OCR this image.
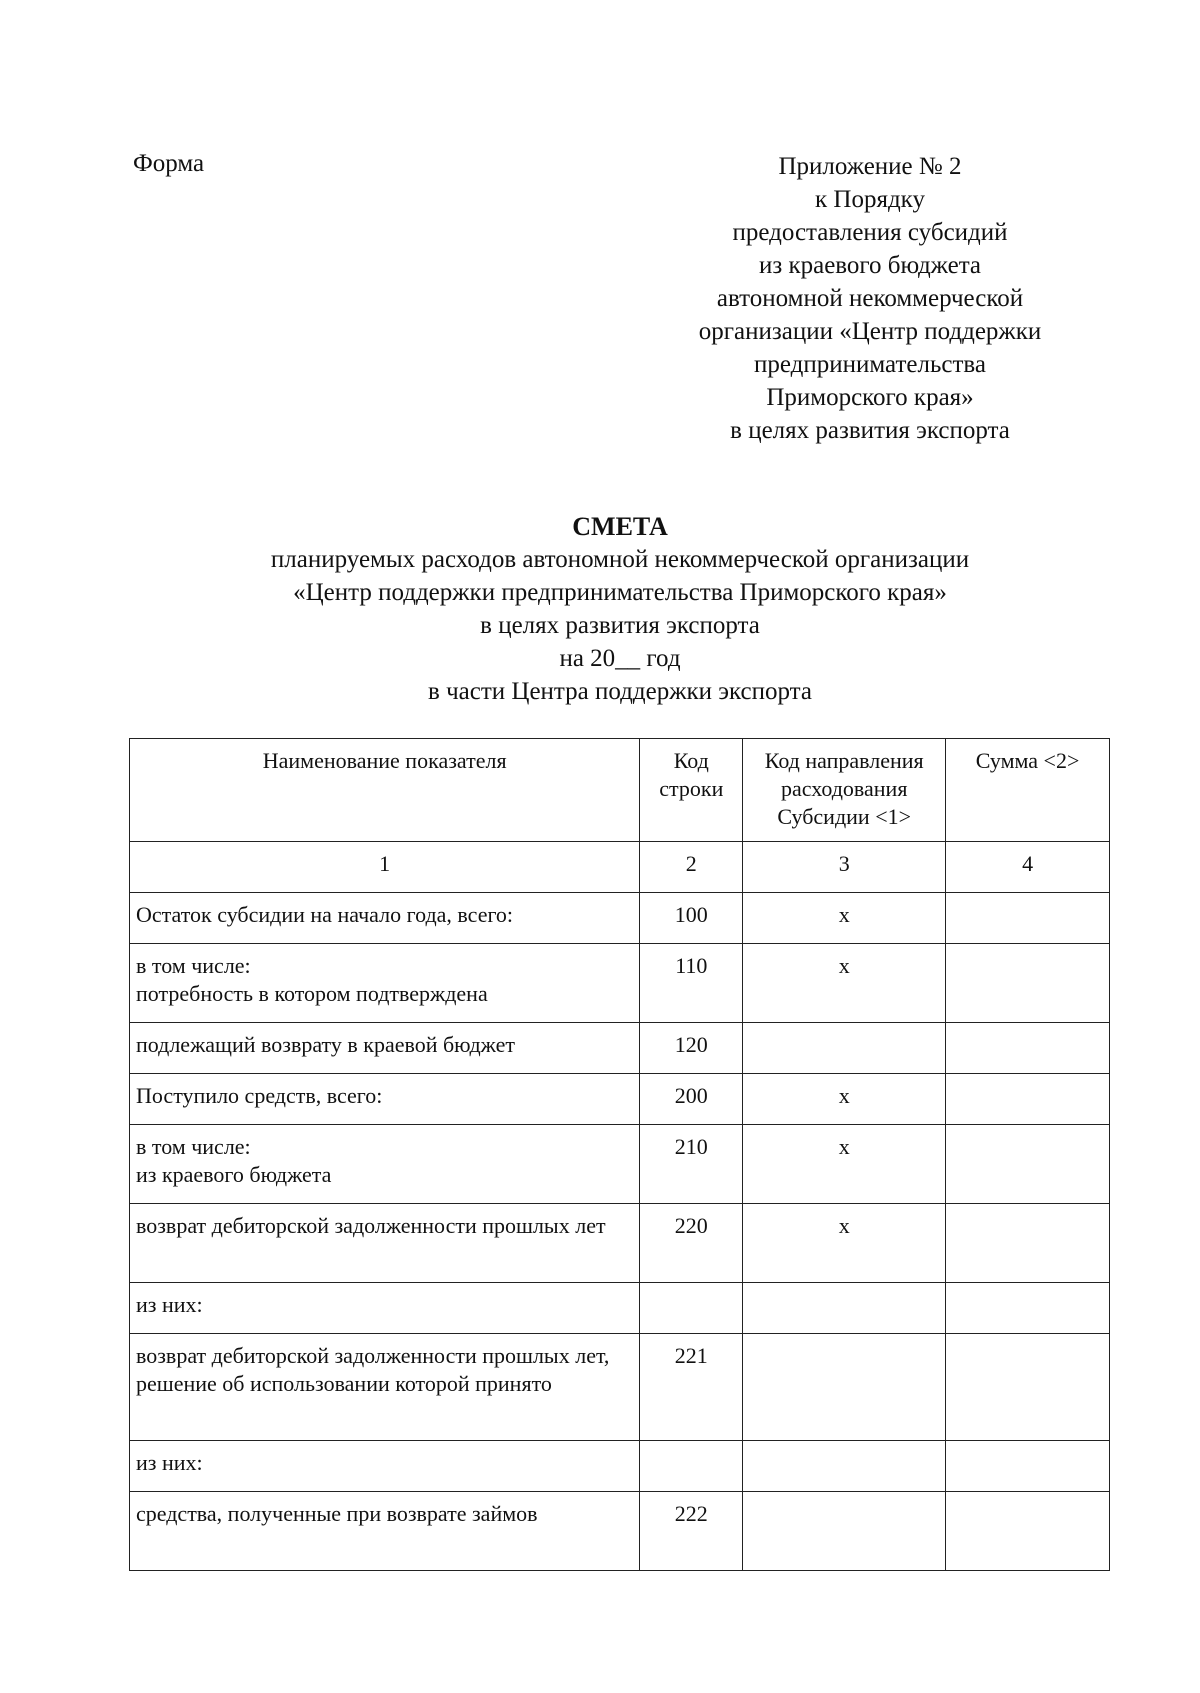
Форма	Приложение № 2
к Порядку
предоставления субсидий
из краевого бюджета
автономной некоммерческой
организации «Центр поддержки
предпринимательства
Приморского края»
в целях развития экспорта
СМЕТА
планируемых расходов автономной некоммерческой организации
«Центр поддержки предпринимательства Приморского края»
в целях развития экспорта
на 20__ год
в части Центра поддержки экспорта
Наименование показателя	Код строки	Код направления расходования Субсидии <1>	Сумма <2>
1	2	3	4
Остаток субсидии на начало года, всего:	100	х	
в том числе:
потребность в котором подтверждена	110	х	
подлежащий возврату в краевой бюджет	120		
Поступило средств, всего:	200	х	
в том числе:
из краевого бюджета	210	х	
возврат дебиторской задолженности прошлых лет	220	х	
из них:			
возврат дебиторской задолженности прошлых лет, решение об использовании которой принято	221		
из них:			
средства, полученные при возврате займов	222		
